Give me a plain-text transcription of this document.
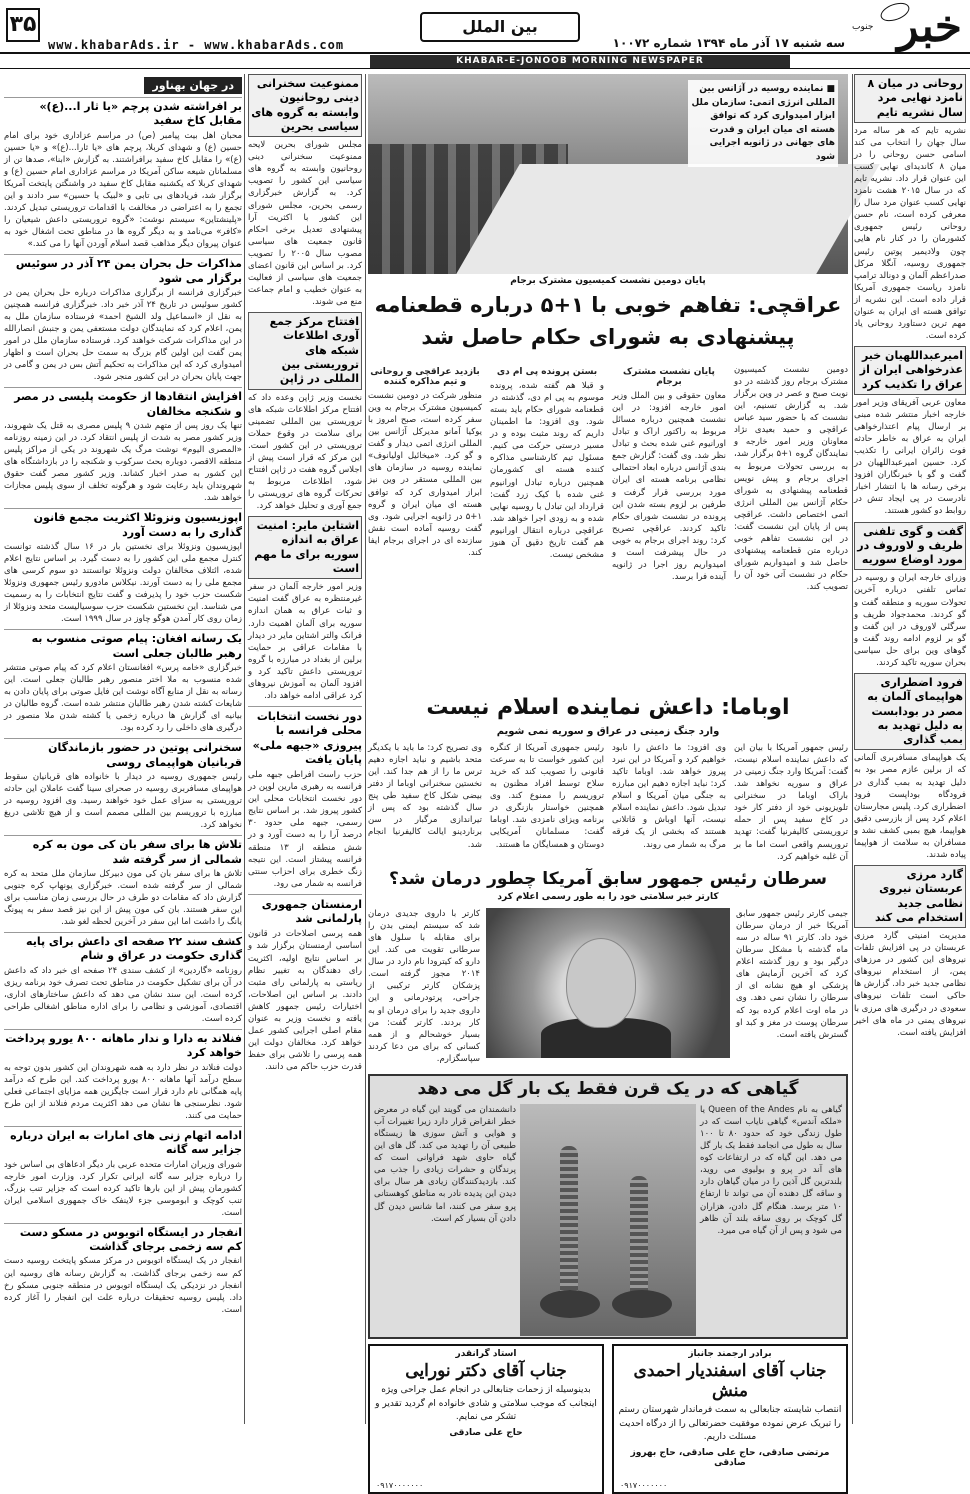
۳۵
www.khabarAds.ir - www.khabarAds.com
بین الملل	جنوب خبر
سه شنبه ۱۷ آذر ماه ۱۳۹۴ شماره ۱۰۰۷۲
KHABAR-E-JONOOB MORNING NEWSPAPER
در جهان بهناور
بر افراشته شدن پرچم «یا ثار ا...(ع)» مقابل کاخ سفید
محبان اهل بیت پیامبر (ص) در مراسم عزاداری خود برای امام حسین (ع) و شهدای کربلا، پرچم های «یا ثارا...(ع)» و «یا حسین (ع)» را مقابل کاخ سفید برافراشتند. به گزارش «ابنا»، صدها تن از مسلمانان شیعه ساکن آمریکا در مراسم عزاداری امام حسین (ع) و شهدای کربلا که یکشنبه مقابل کاخ سفید در واشنگتن پایتخت آمریکا برگزار شد، فریادهای بی تابی و «لبیک یا حسین» سر دادند و این تجمع را به اعتراضی در مخالفت با اقدامات تروریستی تبدیل کردند. «پلینشتاین» سیستم نوشت: «گروه تروریستی داعش شیعیان را «کافر» می‌نامد و به دیگر گروه ها در مناطق تحت اشغال خود به عنوان پیروان دیگر مذاهب قصد اسلام آوردن آنها را می کند.»
مذاکرات حل بحران یمن ۲۴ آذر در سوئیس برگزار می شود
خبرگزاری فرانسه از برگزاری مذاکرات درباره حل بحران یمن در کشور سوئیس در تاریخ ۲۴ آذر خبر داد. خبرگزاری فرانسه همچنین به نقل از «اسماعیل ولد الشیخ احمد» فرستاده سازمان ملل به یمن، اعلام کرد که نمایندگان دولت مستعفی یمن و جنبش انصارالله در این مذاکرات شرکت خواهند کرد. فرستاده سازمان ملل در امور یمن گفت این اولین گام بزرگ به سمت حل بحران است و اظهار امیدواری کرد که این مذاکرات به تحکیم آتش بس در یمن و گامی در جهت پایان بحران در این کشور منجر شود.
افزایش انتقادها از حکومت پلیسی در مصر و شکنجه مخالفان
تنها یک روز پس از متهم شدن ۹ پلیس مصری به قتل یک شهروند، وزیر کشور مصر به شدت از پلیس انتقاد کرد. در این زمینه روزنامه «المصری الیوم» نوشت مرگ یک شهروند در یکی از مراکز پلیس منطقه الاقصر، دوباره بحث سرکوب و شکنجه را در بازداشتگاه های این کشور به صدر اخبار کشاند. وزیر کشور مصر گفت حقوق شهروندان باید رعایت شود و هرگونه تخلف از سوی پلیس مجازات خواهد شد.
اپوزیسیون ونزوئلا اکثریت مجمع قانون گذاری را به دست آورد
اپوزیسیون ونزوئلا برای نخستین بار در ۱۶ سال گذشته توانست کنترل مجمع ملی این کشور را به دست گیرد. بر اساس نتایج اعلام شده، ائتلاف مخالفان دولت ونزوئلا توانستند دو سوم کرسی های مجمع ملی را به دست آورند. نیکلاس مادورو رئیس جمهوری ونزوئلا شکست حزب خود را پذیرفت و گفت نتایج انتخابات را به رسمیت می شناسد. این نخستین شکست حزب سوسیالیست متحد ونزوئلا از زمان روی کار آمدن هوگو چاوز در سال ۱۹۹۹ است.
یک رسانه افغان: پیام صوتی منسوب به رهبر طالبان جعلی است
خبرگزاری «خامه پرس» افغانستان اعلام کرد که پیام صوتی منتشر شده منسوب به ملا اختر منصور رهبر طالبان جعلی است. این رسانه به نقل از منابع آگاه نوشت این فایل صوتی برای پایان دادن به شایعات کشته شدن رهبر طالبان منتشر شده است. گروه طالبان در بیانیه ای گزارش ها درباره زخمی یا کشته شدن ملا منصور در درگیری های داخلی را رد کرده بود.
سخنرانی پوتین در حضور بازماندگان قربانیان هواپیمای روسی
رئیس جمهوری روسیه در دیدار با خانواده های قربانیان سقوط هواپیمای مسافربری روسیه در صحرای سینا گفت عاملان این حادثه تروریستی به سزای عمل خود خواهند رسید. وی افزود روسیه در مبارزه با تروریسم بین المللی مصمم است و از هیچ تلاشی دریغ نخواهد کرد.
تلاش ها برای سفر بان کی مون به کره شمالی از سر گرفته شد
تلاش ها برای سفر بان کی مون دبیرکل سازمان ملل متحد به کره شمالی از سر گرفته شده است. خبرگزاری یونهاپ کره جنوبی گزارش داد که مقامات دو طرف در حال بررسی زمان مناسب برای این سفر هستند. بان کی مون پیش از این نیز قصد سفر به پیونگ یانگ را داشت اما این سفر در آخرین لحظه لغو شد.
کشف سند ۲۲ صفحه ای داعش برای پایه گذاری حکومت در عراق و شام
روزنامه «گاردین» از کشف سندی ۲۴ صفحه ای خبر داد که داعش در آن برای تشکیل حکومت در مناطق تحت تصرف خود برنامه ریزی کرده است. این سند نشان می دهد که داعش ساختارهای اداری، اقتصادی، آموزشی و نظامی را برای اداره مناطق اشغالی طراحی کرده است.
فنلاند به دارا و ندار ماهانه ۸۰۰ یورو پرداخت خواهد کرد
دولت فنلاند در نظر دارد به همه شهروندان این کشور بدون توجه به سطح درآمد آنها ماهانه ۸۰۰ یورو پرداخت کند. این طرح که درآمد پایه همگانی نام دارد قرار است جایگزین همه مزایای اجتماعی فعلی شود. نظرسنجی ها نشان می دهد اکثریت مردم فنلاند از این طرح حمایت می کنند.
ادامه اتهام زنی های امارات به ایران درباره جزایر سه گانه
شورای وزیران امارات متحده عربی بار دیگر ادعاهای بی اساس خود را درباره جزایر سه گانه ایرانی تکرار کرد. وزارت امور خارجه کشورمان پیش از این بارها تاکید کرده است که جزایر تنب بزرگ، تنب کوچک و ابوموسی جزء لاینفک خاک جمهوری اسلامی ایران است.
انفجار در ایستگاه اتوبوس در مسکو دست کم سه زخمی برجای گذاشت
انفجار در یک ایستگاه اتوبوس در مرکز مسکو پایتخت روسیه دست کم سه زخمی برجای گذاشت. به گزارش رسانه های روسیه این انفجار در نزدیکی یک ایستگاه اتوبوس در منطقه جنوبی مسکو رخ داد. پلیس روسیه تحقیقات درباره علت این انفجار را آغاز کرده است.
ممنوعیت سخنرانی دینی روحانیون وابسته به گروه های سیاسی بحرین
مجلس شورای بحرین لایحه ممنوعیت سخنرانی دینی روحانیون وابسته به گروه های سیاسی این کشور را تصویب کرد. به گزارش خبرگزاری رسمی بحرین، مجلس شورای این کشور با اکثریت آرا پیشنهادی تعدیل برخی احکام قانون جمعیت های سیاسی مصوب سال ۲۰۰۵ را تصویب کرد. بر اساس این قانون اعضای جمعیت های سیاسی از فعالیت به عنوان خطیب و امام جماعت منع می شوند.
افتتاح مرکز جمع آوری اطلاعات شبکه های تروریستی بین المللی در ژاپن
نخست وزیر ژاپن وعده داد که افتتاح مرکز اطلاعات شبکه های تروریستی بین المللی تضمینی برای سلامت در وقوع حملات تروریستی در این کشور است. این مرکز که قرار است پیش از اجلاس گروه هفت در ژاپن افتتاح شود، اطلاعات مربوط به تحرکات گروه های تروریستی را جمع آوری و تحلیل خواهد کرد.
اشتاین مایر: امنیت عراق به اندازه سوریه برای ما مهم است
وزیر امور خارجه آلمان در سفر غیرمنتظره به عراق گفت امنیت و ثبات عراق به همان اندازه سوریه برای آلمان اهمیت دارد. فرانک والتر اشتاین مایر در دیدار با مقامات عراقی بر حمایت برلین از بغداد در مبارزه با گروه تروریستی داعش تاکید کرد و افزود آلمان به آموزش نیروهای کرد عراقی ادامه خواهد داد.
دور نخست انتخابات محلی فرانسه با پیروزی «جبهه ملی» پایان یافت
حزب راست افراطی جبهه ملی فرانسه به رهبری مارین لوپن در دور نخست انتخابات محلی این کشور پیروز شد. بر اساس نتایج رسمی، جبهه ملی حدود ۳۰ درصد آرا را به دست آورد و در شش منطقه از ۱۳ منطقه فرانسه پیشتاز است. این نتیجه زنگ خطری برای احزاب سنتی فرانسه به شمار می رود.
ارمنستان جمهوری پارلمانی شد
همه پرسی اصلاحات در قانون اساسی ارمنستان برگزار شد و بر اساس نتایج اولیه، اکثریت رای دهندگان به تغییر نظام ریاستی به پارلمانی رای مثبت دادند. بر اساس این اصلاحات، اختیارات رئیس جمهور کاهش یافته و نخست وزیر به عنوان مقام اصلی اجرایی کشور عمل خواهد کرد. مخالفان دولت این همه پرسی را تلاشی برای حفظ قدرت حزب حاکم می دانند.
■ نماینده روسیه در آژانس بین المللی انرژی اتمی: سازمان ملل ابزار امیدواری کرد که توافق هسته ای میان ایران و قدرت های جهانی در ژانویه اجرایی شود
پایان دومین نشست کمیسیون مشترک برجام
عراقچی: تفاهم خوبی با ۱+۵ درباره قطعنامه پیشنهادی به شورای حکام حاصل شد

دومین نشست کمیسیون مشترک برجام روز گذشته در دو نوبت صبح و عصر در وین برگزار شد. به گزارش تسنیم، این نشست که با حضور سید عباس عراقچی و حمید بعیدی نژاد معاونان وزیر امور خارجه و نمایندگان گروه ۱+۵ برگزار شد، به بررسی تحولات مربوط به اجرای برجام و پیش نویس قطعنامه پیشنهادی به شورای حکام آژانس بین المللی انرژی اتمی اختصاص داشت. عراقچی پس از پایان این نشست گفت: در این نشست تفاهم خوبی درباره متن قطعنامه پیشنهادی حاصل شد و امیدواریم شورای حکام در نشست آتی خود آن را تصویب کند.

پایان نشست مشترک برجام

معاون حقوقی و بین الملل وزیر امور خارجه افزود: در این نشست همچنین درباره مسائل مربوط به راکتور اراک و تبادل اورانیوم غنی شده بحث و تبادل نظر شد. وی گفت: گزارش جمع بندی آژانس درباره ابعاد احتمالی نظامی برنامه هسته ای ایران مورد بررسی قرار گرفت و طرفین بر لزوم بسته شدن این پرونده در نشست شورای حکام تاکید کردند. عراقچی تصریح کرد: روند اجرای برجام به خوبی در حال پیشرفت است و امیدواریم روز اجرا در ژانویه آینده فرا برسد.

بستن پرونده پی ام دی

و قبلا هم گفته شده، پرونده موسوم به پی ام دی، گذشته در قطعنامه شورای حکام باید بسته شود. وی افزود: ما اطمینان داریم که روند مثبت بوده و در مسیر درستی حرکت می کنیم. مسئول تیم کارشناسی مذاکره کننده هسته ای کشورمان همچنین درباره تبادل اورانیوم غنی شده با کیک زرد گفت: قرارداد این تبادل با روسیه نهایی شده و به زودی اجرا خواهد شد. عراقچی درباره انتقال اورانیوم هم گفت تاریخ دقیق آن هنوز مشخص نیست.

بازدید عراقچی و روحانی و تیم مذاکره کننده

منظور شرکت در دومین نشست کمیسیون مشترک برجام به وین سفر کرده است، صبح امروز با یوکیا آمانو مدیرکل آژانس بین المللی انرژی اتمی دیدار و گفت و گو کرد. «میخائیل اولیانوف» نماینده روسیه در سازمان های بین المللی مستقر در وین نیز ابراز امیدواری کرد که توافق هسته ای میان ایران و گروه ۱+۵ در ژانویه اجرایی شود. وی گفت روسیه آماده است نقش سازنده ای در اجرای برجام ایفا کند.

اوباما: داعش نماینده اسلام نیست
وارد جنگ زمینی در عراق و سوریه نمی شویم
رئیس جمهور آمریکا با بیان این که داعش نماینده اسلام نیست، گفت: آمریکا وارد جنگ زمینی در عراق و سوریه نخواهد شد. باراک اوباما در سخنرانی تلویزیونی خود از دفتر کار خود در کاخ سفید پس از حمله تروریستی کالیفرنیا گفت: تهدید تروریسم واقعی است اما ما بر آن غلبه خواهیم کرد.
وی افزود: ما داعش را نابود خواهیم کرد و آمریکا در این نبرد پیروز خواهد شد. اوباما تاکید کرد: نباید اجازه دهیم این مبارزه به جنگی میان آمریکا و اسلام تبدیل شود. داعش نماینده اسلام نیست، آنها اوباش و قاتلانی هستند که بخشی از یک فرقه مرگ به شمار می روند.
رئیس جمهوری آمریکا از کنگره این کشور خواست تا به سرعت قانونی را تصویب کند که خرید سلاح توسط افراد مظنون به تروریسم را ممنوع کند. وی همچنین خواستار بازنگری در برنامه ویزای نامزدی شد. اوباما گفت: مسلمانان آمریکایی دوستان و همسایگان ما هستند.
وی تصریح کرد: ما باید با یکدیگر متحد باشیم و نباید اجازه دهیم ترس ما را از هم جدا کند. این نخستین سخنرانی اوباما از دفتر بیضی شکل کاخ سفید طی پنج سال گذشته بود که پس از تیراندازی مرگبار در سن برناردینو ایالت کالیفرنیا انجام شد.
سرطان رئیس جمهور سابق آمریکا چطور درمان شد؟
کارتر خبر سلامتی خود را به طور رسمی اعلام کرد
جیمی کارتر رئیس جمهور سابق آمریکا خبر از درمان سرطان خود داد. کارتر ۹۱ ساله در سه ماه گذشته با مشکل سرطان درگیر بود و روز گذشته اعلام کرد که آخرین آزمایش های پزشکی او هیچ نشانه ای از سرطان را نشان نمی دهد. وی در ماه اوت اعلام کرده بود که سرطان پوست در مغز و کبد او گسترش یافته است.
کارتر با داروی جدیدی درمان شد که سیستم ایمنی بدن را برای مقابله با سلول های سرطانی تقویت می کند. این دارو که کیترودا نام دارد در سال ۲۰۱۴ مجوز گرفته است. پزشکان کارتر ترکیبی از جراحی، پرتودرمانی و این داروی جدید را برای درمان او به کار بردند. کارتر گفت: من بسیار خوشحالم و از همه کسانی که برای من دعا کردند سپاسگزارم.
گیاهی که در یک قرن فقط یک بار گل می دهد
گیاهی به نام Queen of the Andes یا «ملکه آندس» گیاهی نایاب است که در طول زندگی خود که حدود ۸۰ تا ۱۰۰ سال به طول می انجامد فقط یک بار گل می دهد. این گیاه که در ارتفاعات کوه های آند در پرو و بولیوی می روید، بلندترین گل آذین را در میان گیاهان دارد و ساقه گل دهنده آن می تواند تا ارتفاع ۱۰ متر برسد. هنگام گل دادن، هزاران گل کوچک بر روی ساقه بلند آن ظاهر می شود و پس از آن گیاه می میرد.
دانشمندان می گویند این گیاه در معرض خطر انقراض قرار دارد زیرا تغییرات آب و هوایی و آتش سوزی ها زیستگاه طبیعی آن را تهدید می کند. گل های این گیاه حاوی شهد فراوانی است که پرندگان و حشرات زیادی را جذب می کند. بازدیدکنندگان زیادی هر سال برای دیدن این پدیده نادر به مناطق کوهستانی پرو سفر می کنند، اما شانس دیدن گل دادن آن بسیار کم است.
برادر ارجمند جانباز
جناب آقای اسفندیار احمدی منش
انتصاب شایسته جنابعالی به سمت فرماندار شهرستان رستم را تبریک عرض نموده موفقیت حضرتعالی را از درگاه احدیت مسئلت داریم.
مرتضی صادقی، حاج علی صادقی، حاج بهروز صادقی
۰۹۱۷۰۰۰۰۰۰۰
استاد گرانقدر
جناب آقای دکتر نورایی
بدینوسیله از زحمات جنابعالی در انجام عمل جراحی ویژه اینجانب که موجب سلامتی و شادی خانواده ام گردید تقدیر و تشکر می نمایم.
حاج علی صادقی
۰۹۱۷۰۰۰۰۰۰۰
روحانی در میان ۸ نامزد نهایی مرد سال نشریه تایم
نشریه تایم که هر ساله مرد سال جهان را انتخاب می کند اسامی حسن روحانی را در میان ۸ کاندیدای نهایی کسب این عنوان قرار داد. نشریه تایم که در سال ۲۰۱۵ هشت نامزد نهایی کسب عنوان مرد سال را معرفی کرده است، نام حسن روحانی رئیس جمهوری کشورمان را در کنار نام هایی چون ولادیمیر پوتین رئیس جمهوری روسیه، آنگلا مرکل صدراعظم آلمان و دونالد ترامپ نامزد ریاست جمهوری آمریکا قرار داده است. این نشریه از توافق هسته ای ایران به عنوان مهم ترین دستاورد روحانی یاد کرده است.
امیرعبداللهیان خبر عذرخواهی ایران از عراق را تکذیب کرد
معاون عربی آفریقای وزیر امور خارجه اخبار منتشر شده مبنی بر ارسال پیام اعتذارخواهی ایران به عراق به خاطر حادثه فوت زائران ایرانی را تکذیب کرد. حسین امیرعبداللهیان در گفت و گو با خبرنگاران افزود برخی رسانه ها با انتشار اخبار نادرست در پی ایجاد تنش در روابط دو کشور هستند.
گفت و گوی تلفنی ظریف و لاوروف در مورد اوضاع سوریه
وزرای خارجه ایران و روسیه در تماس تلفنی درباره آخرین تحولات سوریه و منطقه گفت و گو کردند. محمدجواد ظریف و سرگئی لاوروف در این گفت و گو بر لزوم ادامه روند گفت و گوهای وین برای حل سیاسی بحران سوریه تاکید کردند.
فرود اضطراری هواپیمای آلمان به مصر در بودابست به دلیل تهدید به بمب گذاری
یک هواپیمای مسافربری آلمانی که از برلین عازم مصر بود به دلیل تهدید به بمب گذاری در فرودگاه بوداپست فرود اضطراری کرد. پلیس مجارستان اعلام کرد پس از بازرسی دقیق هواپیما، هیچ بمبی کشف نشد و مسافران به سلامت از هواپیما پیاده شدند.
گارد مرزی عربستان نیروی نظامی جدید استخدام می کند
مدیریت امنیتی گارد مرزی عربستان در پی افزایش تلفات نیروهای این کشور در مرزهای یمن، از استخدام نیروهای نظامی جدید خبر داد. گزارش ها حاکی است تلفات نیروهای سعودی در درگیری های مرزی با نیروهای یمنی در ماه های اخیر افزایش یافته است.
